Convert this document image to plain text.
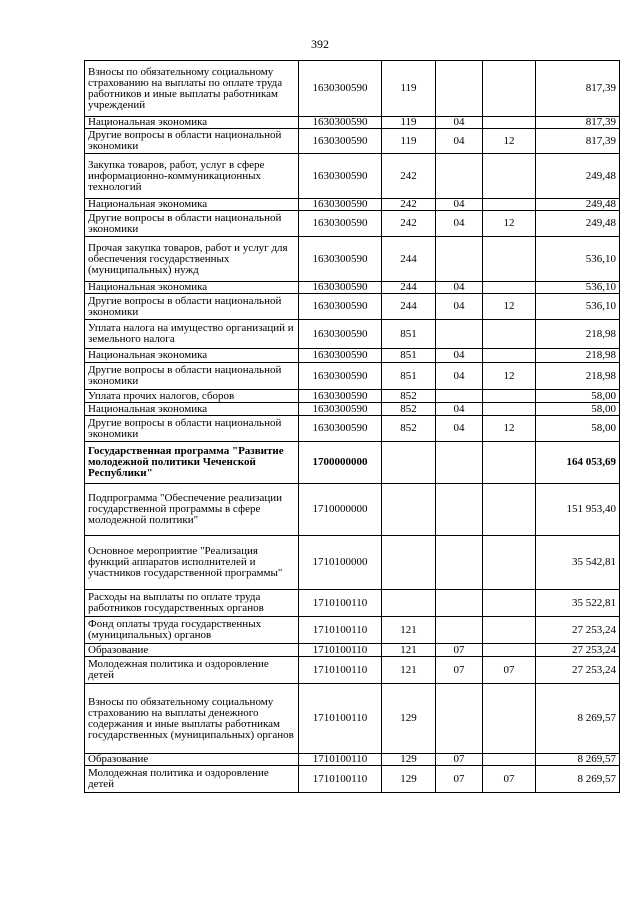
392
Взносы по обязательному социальному страхованию на выплаты по оплате труда работников и иные выплаты работникам учреждений	1630300590	119			817,39
Национальная экономика	1630300590	119	04		817,39
Другие вопросы в области национальной экономики	1630300590	119	04	12	817,39
Закупка товаров, работ, услуг в сфере информационно-коммуникационных технологий	1630300590	242			249,48
Национальная экономика	1630300590	242	04		249,48
Другие вопросы в области национальной экономики	1630300590	242	04	12	249,48
Прочая закупка товаров, работ и услуг для обеспечения государственных (муниципальных) нужд	1630300590	244			536,10
Национальная экономика	1630300590	244	04		536,10
Другие вопросы в области национальной экономики	1630300590	244	04	12	536,10
Уплата налога на имущество организаций и земельного налога	1630300590	851			218,98
Национальная экономика	1630300590	851	04		218,98
Другие вопросы в области национальной экономики	1630300590	851	04	12	218,98
Уплата прочих налогов, сборов	1630300590	852			58,00
Национальная экономика	1630300590	852	04		58,00
Другие вопросы в области национальной экономики	1630300590	852	04	12	58,00
Государственная программа "Развитие молодежной политики Чеченской Республики"	1700000000				164 053,69
Подпрограмма "Обеспечение реализации государственной программы в сфере молодежной политики"	1710000000				151 953,40
Основное мероприятие "Реализация функций аппаратов исполнителей и участников государственной программы"	1710100000				35 542,81
Расходы на выплаты по оплате труда работников государственных органов	1710100110				35 522,81
Фонд оплаты труда государственных (муниципальных) органов	1710100110	121			27 253,24
Образование	1710100110	121	07		27 253,24
Молодежная политика и оздоровление детей	1710100110	121	07	07	27 253,24
Взносы по обязательному социальному страхованию на выплаты денежного содержания и иные выплаты работникам государственных (муниципальных) органов	1710100110	129			8 269,57
Образование	1710100110	129	07		8 269,57
Молодежная политика и оздоровление детей	1710100110	129	07	07	8 269,57
